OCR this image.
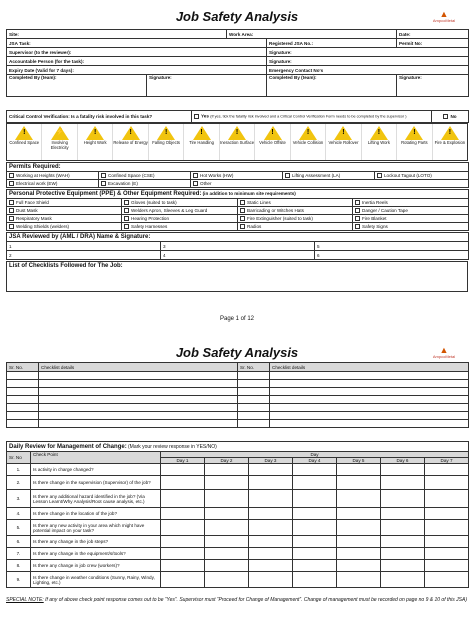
Job Safety Analysis	▲
AmpcoMetal
Site:		Work Area:		Date:
JSA Task:			Registered JSA No.:	Permit No:
Supervisor (to the reviewer):			Signature:	
Accountable Person (for the task):			Signature:	
Expiry Date (Valid for 7 days):			Emergency Contact No's	
Completed By (team):	Signature:		Completed By (team):	Signature:
Critical Control Verification: Is a fatality risk involved in this task?	Yes (If yes, tick the fatality risk involved and a Critical Control Verification Form needs to be completed by the supervisor )	No
!
Confined Space
⚡
Involving Electricity
!
Height Work
!
Release of Energy
!
Falling Objects
!
Tire Handling
!
Ineraction Surface
!
Vehicle Offsite
!
Vehicle Collision
!
Vehicle Rollover
!
Lifting Work
!
Rotating Parts
!
Fire & Explosion
Permits Required:				
Working at Heights (WAH)	Confined Space (CSE)	Hot Works (HW)	Lifting Assessment (LA)	Lockout Tagout (LOTO)
Electrical work (EW)	Excavation (E)	Other		
Personal Protective Equipment (PPE) & Other Equipment Required: (in addition to minimum site requirements)			
Full Face Shield	Gloves (suited to task)	Static Lines	Inertia Reels
Dust Mask	Welders Apron, Sleeves & Leg Guard	Barricading or Witches Hats	Danger / Caution Tape
Respiratory Mask	Hearing Protection	Fire Extinguisher (suited to task)	Fire Blanket
Welding Shields (welders)	Safety Harnesses	Radios	Safety Signs
JSA Reviewed by (AML / DRA) Name & Signature:		
1	3	5
2	4	6
List of Checklists Followed for The Job:
Page 1 of 12
Job Safety Analysis	▲
AmpcoMetal
Sr. No.	Checklist details	Sr. No.	Checklist details

Daily Review for Management of Change: (Mark your review response in YES/NO)								
Sr. No	Check Point	Day						
		Day 1	Day 2	Day 3	Day 4	Day 5	Day 6	Day 7
1.	Is activity in charge changed?							
2.	Is there change in the supervision (Supervisor) of the job?							
3.	Is there any additional hazard identified in the job? (Via Lesson Learnt/Why Analysis/Root cause analysis, etc.)							
4.	Is there change in the location of the job?							
5.	Is there any new activity in your area which might have potential impact on your task?							
6.	Is there any change in the job steps?							
7.	Is there any change in the equipment/s/tools?							
8.	Is there any change in job crew (workers)?							
9.	Is there change in weather conditions (Sunny, Rainy, Windy, Lighting, etc.)							
SPECIAL NOTE: If any of above check point response comes out to be “Yes”. Supervisor must “Proceed for Change of Management”. Change of management must be recorded on page no 9 & 10 of this JSA)
